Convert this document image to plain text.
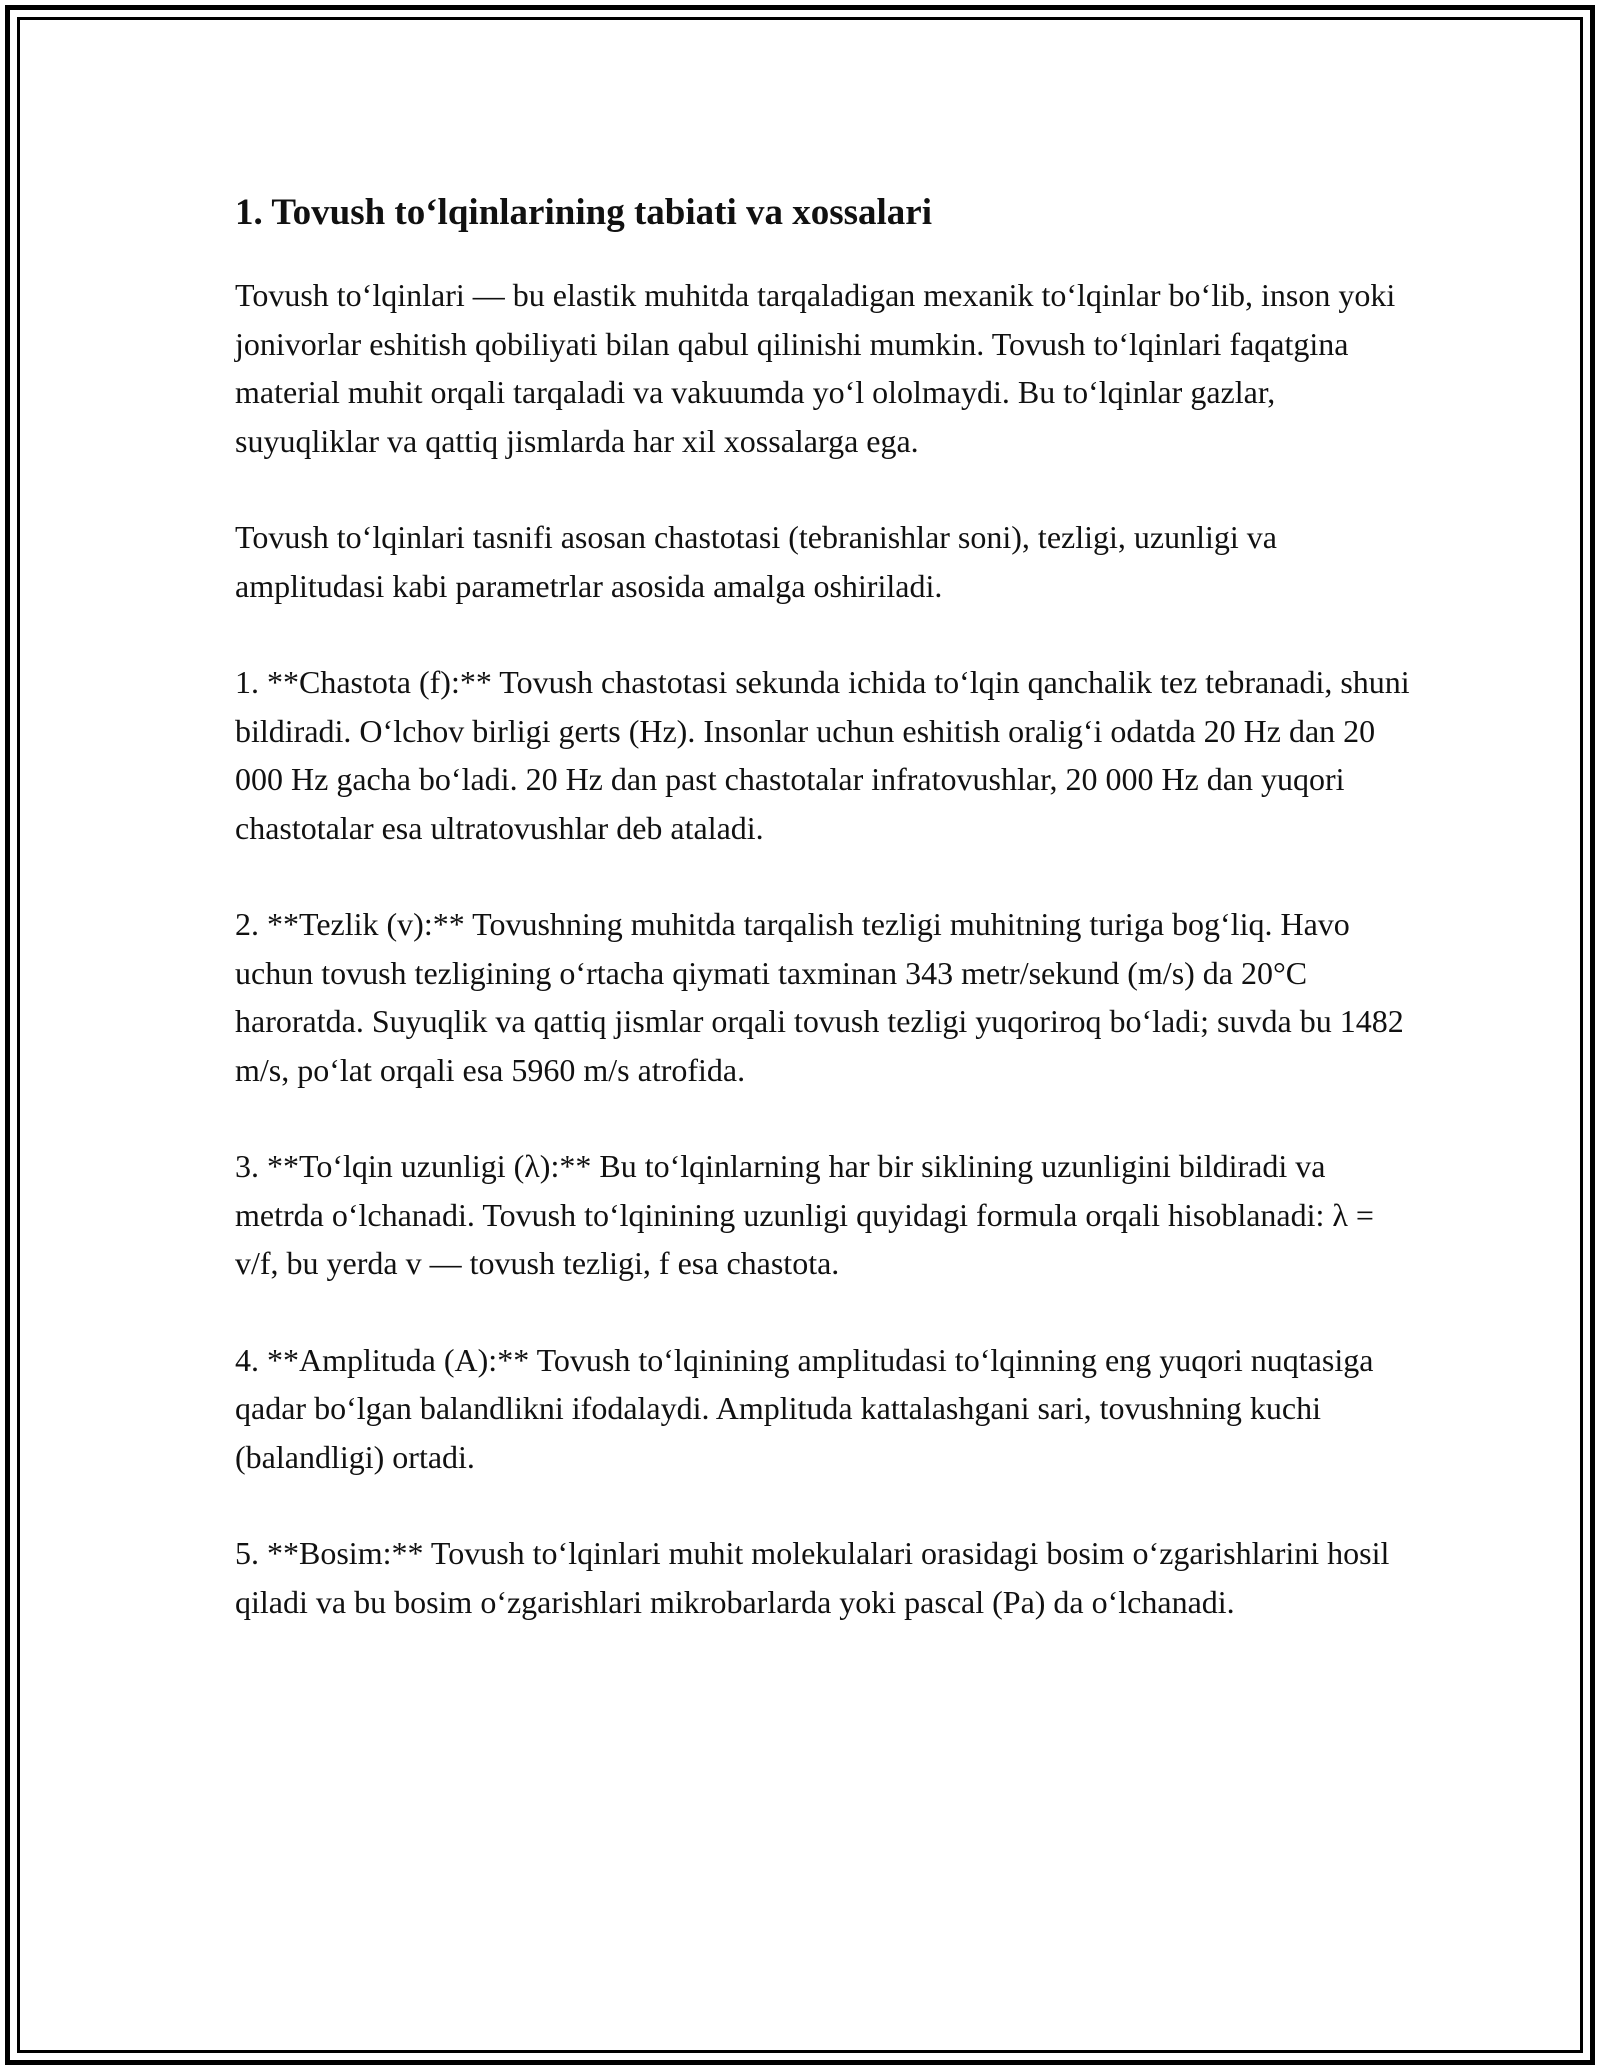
1. Tovush to‘lqinlarining tabiati va xossalari

Tovush to‘lqinlari — bu elastik muhitda tarqaladigan mexanik to‘lqinlar bo‘lib, inson yoki jonivorlar eshitish qobiliyati bilan qabul qilinishi mumkin. Tovush to‘lqinlari faqatgina material muhit orqali tarqaladi va vakuumda yo‘l ololmaydi. Bu to‘lqinlar gazlar, suyuqliklar va qattiq jismlarda har xil xossalarga ega.

Tovush to‘lqinlari tasnifi asosan chastotasi (tebranishlar soni), tezligi, uzunligi va amplitudasi kabi parametrlar asosida amalga oshiriladi.

1. **Chastota (f):** Tovush chastotasi sekunda ichida to‘lqin qanchalik tez tebranadi, shuni bildiradi. O‘lchov birligi gerts (Hz). Insonlar uchun eshitish oralig‘i odatda 20 Hz dan 20 000 Hz gacha bo‘ladi. 20 Hz dan past chastotalar infratovushlar, 20 000 Hz dan yuqori chastotalar esa ultratovushlar deb ataladi.

2. **Tezlik (v):** Tovushning muhitda tarqalish tezligi muhitning turiga bog‘liq. Havo uchun tovush tezligining o‘rtacha qiymati taxminan 343 metr/sekund (m/s) da 20°C haroratda. Suyuqlik va qattiq jismlar orqali tovush tezligi yuqoriroq bo‘ladi; suvda bu 1482 m/s, po‘lat orqali esa 5960 m/s atrofida.

3. **To‘lqin uzunligi (λ):** Bu to‘lqinlarning har bir siklining uzunligini bildiradi va metrda o‘lchanadi. Tovush to‘lqinining uzunligi quyidagi formula orqali hisoblanadi: λ = v/f, bu yerda v — tovush tezligi, f esa chastota.

4. **Amplituda (A):** Tovush to‘lqinining amplitudasi to‘lqinning eng yuqori nuqtasiga qadar bo‘lgan balandlikni ifodalaydi. Amplituda kattalashgani sari, tovushning kuchi (balandligi) ortadi.

5. **Bosim:** Tovush to‘lqinlari muhit molekulalari orasidagi bosim o‘zgarishlarini hosil qiladi va bu bosim o‘zgarishlari mikrobarlarda yoki pascal (Pa) da o‘lchanadi.
